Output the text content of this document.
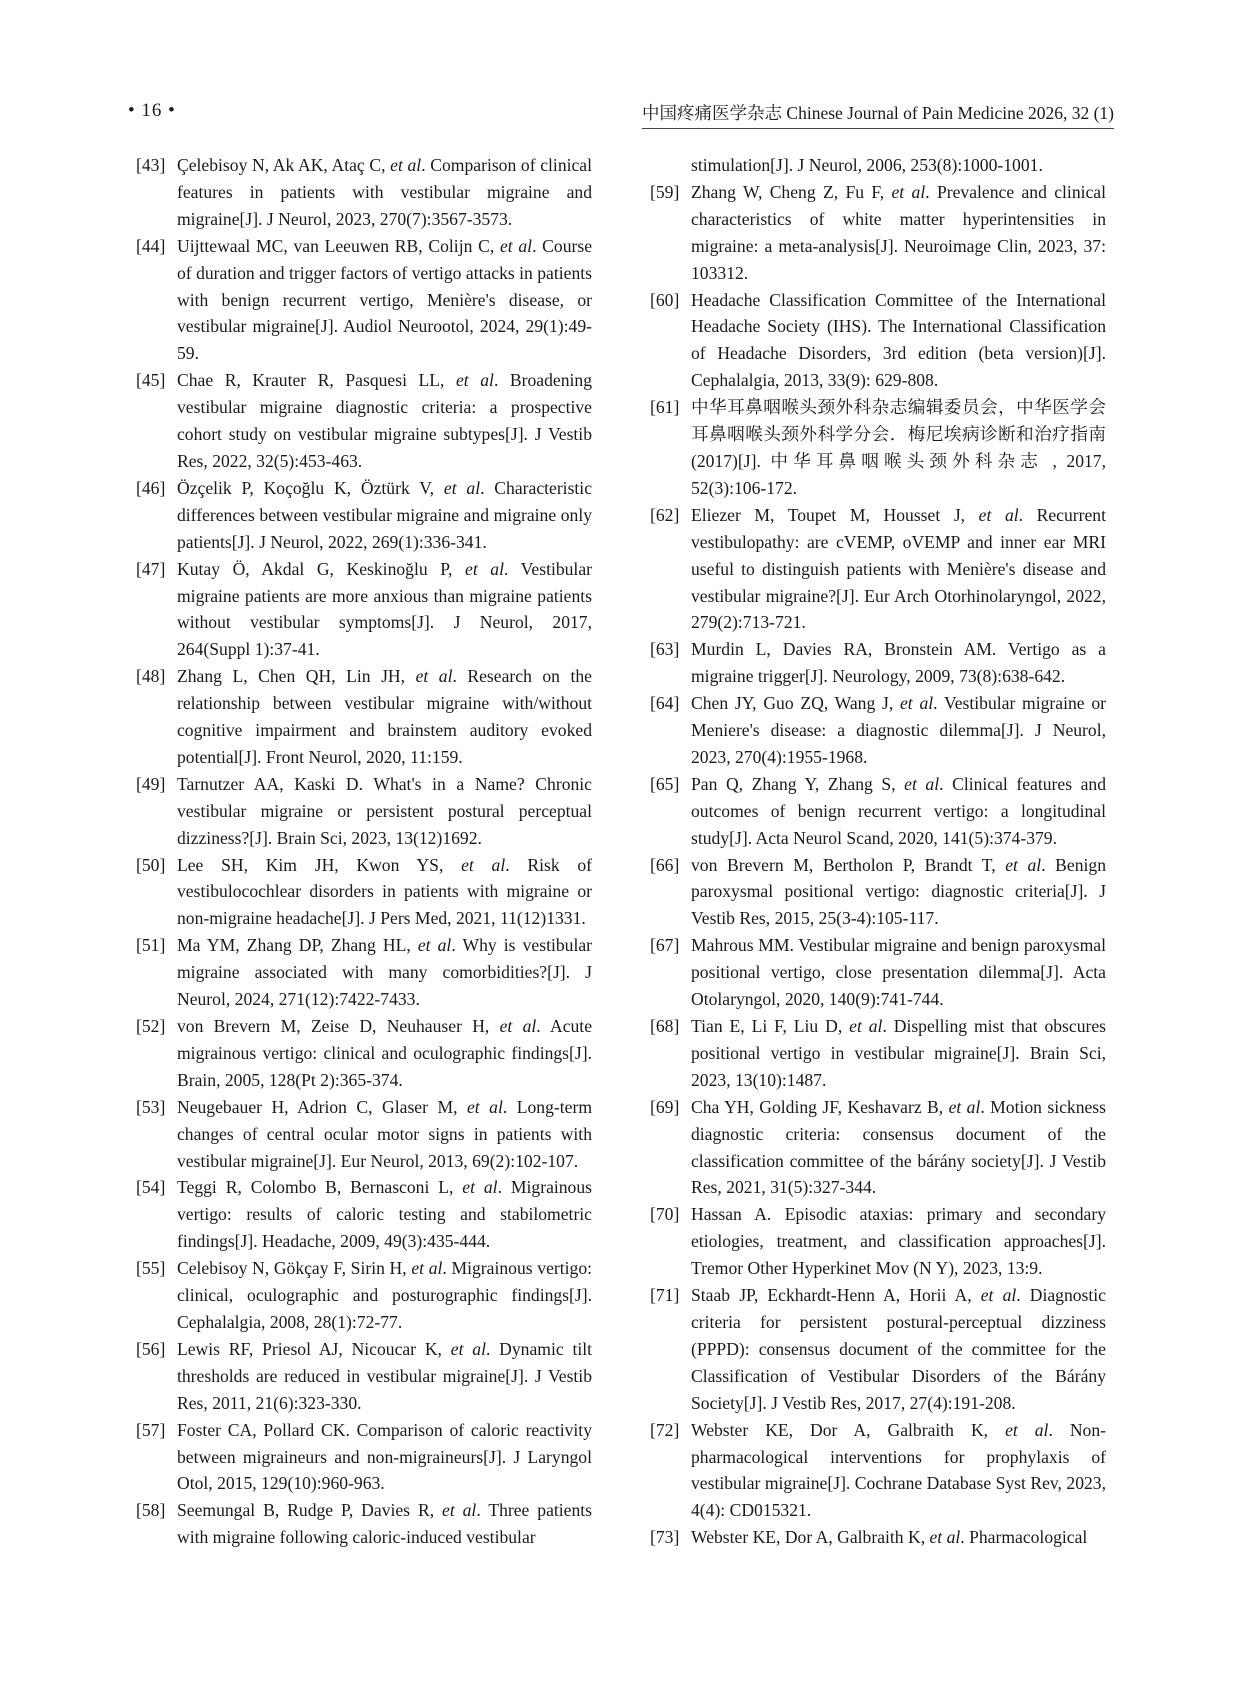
• 16 •	中国疼痛医学杂志 Chinese Journal of Pain Medicine 2026, 32 (1)
[43] Çelebisoy N, Ak AK, Ataç C, et al. Comparison of clinical features in patients with vestibular migraine and migraine[J]. J Neurol, 2023, 270(7):3567-3573.
[44] Uijttewaal MC, van Leeuwen RB, Colijn C, et al. Course of duration and trigger factors of vertigo attacks in patients with benign recurrent vertigo, Menière's disease, or vestibular migraine[J]. Audiol Neurootol, 2024, 29(1):49-59.
[45] Chae R, Krauter R, Pasquesi LL, et al. Broadening vestibular migraine diagnostic criteria: a prospective cohort study on vestibular migraine subtypes[J]. J Vestib Res, 2022, 32(5):453-463.
[46] Özçelik P, Koçoğlu K, Öztürk V, et al. Characteristic differences between vestibular migraine and migraine only patients[J]. J Neurol, 2022, 269(1):336-341.
[47] Kutay Ö, Akdal G, Keskinoğlu P, et al. Vestibular migraine patients are more anxious than migraine patients without vestibular symptoms[J]. J Neurol, 2017, 264(Suppl 1):37-41.
[48] Zhang L, Chen QH, Lin JH, et al. Research on the relationship between vestibular migraine with/without cognitive impairment and brainstem auditory evoked potential[J]. Front Neurol, 2020, 11:159.
[49] Tarnutzer AA, Kaski D. What's in a Name? Chronic vestibular migraine or persistent postural perceptual dizziness?[J]. Brain Sci, 2023, 13(12)1692.
[50] Lee SH, Kim JH, Kwon YS, et al. Risk of vestibulocochlear disorders in patients with migraine or non-migraine headache[J]. J Pers Med, 2021, 11(12)1331.
[51] Ma YM, Zhang DP, Zhang HL, et al. Why is vestibular migraine associated with many comorbidities?[J]. J Neurol, 2024, 271(12):7422-7433.
[52] von Brevern M, Zeise D, Neuhauser H, et al. Acute migrainous vertigo: clinical and oculographic findings[J]. Brain, 2005, 128(Pt 2):365-374.
[53] Neugebauer H, Adrion C, Glaser M, et al. Long-term changes of central ocular motor signs in patients with vestibular migraine[J]. Eur Neurol, 2013, 69(2):102-107.
[54] Teggi R, Colombo B, Bernasconi L, et al. Migrainous vertigo: results of caloric testing and stabilometric findings[J]. Headache, 2009, 49(3):435-444.
[55] Celebisoy N, Gökçay F, Sirin H, et al. Migrainous vertigo: clinical, oculographic and posturographic findings[J]. Cephalalgia, 2008, 28(1):72-77.
[56] Lewis RF, Priesol AJ, Nicoucar K, et al. Dynamic tilt thresholds are reduced in vestibular migraine[J]. J Vestib Res, 2011, 21(6):323-330.
[57] Foster CA, Pollard CK. Comparison of caloric reactivity between migraineurs and non-migraineurs[J]. J Laryngol Otol, 2015, 129(10):960-963.
[58] Seemungal B, Rudge P, Davies R, et al. Three patients with migraine following caloric-induced vestibular
stimulation[J]. J Neurol, 2006, 253(8):1000-1001.
[59] Zhang W, Cheng Z, Fu F, et al. Prevalence and clinical characteristics of white matter hyperintensities in migraine: a meta-analysis[J]. Neuroimage Clin, 2023, 37: 103312.
[60] Headache Classification Committee of the International Headache Society (IHS). The International Classification of Headache Disorders, 3rd edition (beta version)[J]. Cephalalgia, 2013, 33(9): 629-808.
[61] 中华耳鼻咽喉头颈外科杂志编辑委员会，中华医学会耳鼻咽喉头颈外科学分会．梅尼埃病诊断和治疗指南 (2017)[J]. 中华耳鼻咽喉头颈外科杂志 , 2017, 52(3):106-172.
[62] Eliezer M, Toupet M, Housset J, et al. Recurrent vestibulopathy: are cVEMP, oVEMP and inner ear MRI useful to distinguish patients with Menière's disease and vestibular migraine?[J]. Eur Arch Otorhinolaryngol, 2022, 279(2):713-721.
[63] Murdin L, Davies RA, Bronstein AM. Vertigo as a migraine trigger[J]. Neurology, 2009, 73(8):638-642.
[64] Chen JY, Guo ZQ, Wang J, et al. Vestibular migraine or Meniere's disease: a diagnostic dilemma[J]. J Neurol, 2023, 270(4):1955-1968.
[65] Pan Q, Zhang Y, Zhang S, et al. Clinical features and outcomes of benign recurrent vertigo: a longitudinal study[J]. Acta Neurol Scand, 2020, 141(5):374-379.
[66] von Brevern M, Bertholon P, Brandt T, et al. Benign paroxysmal positional vertigo: diagnostic criteria[J]. J Vestib Res, 2015, 25(3-4):105-117.
[67] Mahrous MM. Vestibular migraine and benign paroxysmal positional vertigo, close presentation dilemma[J]. Acta Otolaryngol, 2020, 140(9):741-744.
[68] Tian E, Li F, Liu D, et al. Dispelling mist that obscures positional vertigo in vestibular migraine[J]. Brain Sci, 2023, 13(10):1487.
[69] Cha YH, Golding JF, Keshavarz B, et al. Motion sickness diagnostic criteria: consensus document of the classification committee of the bárány society[J]. J Vestib Res, 2021, 31(5):327-344.
[70] Hassan A. Episodic ataxias: primary and secondary etiologies, treatment, and classification approaches[J]. Tremor Other Hyperkinet Mov (N Y), 2023, 13:9.
[71] Staab JP, Eckhardt-Henn A, Horii A, et al. Diagnostic criteria for persistent postural-perceptual dizziness (PPPD): consensus document of the committee for the Classification of Vestibular Disorders of the Bárány Society[J]. J Vestib Res, 2017, 27(4):191-208.
[72] Webster KE, Dor A, Galbraith K, et al. Non-pharmacological interventions for prophylaxis of vestibular migraine[J]. Cochrane Database Syst Rev, 2023, 4(4): CD015321.
[73] Webster KE, Dor A, Galbraith K, et al. Pharmacological
